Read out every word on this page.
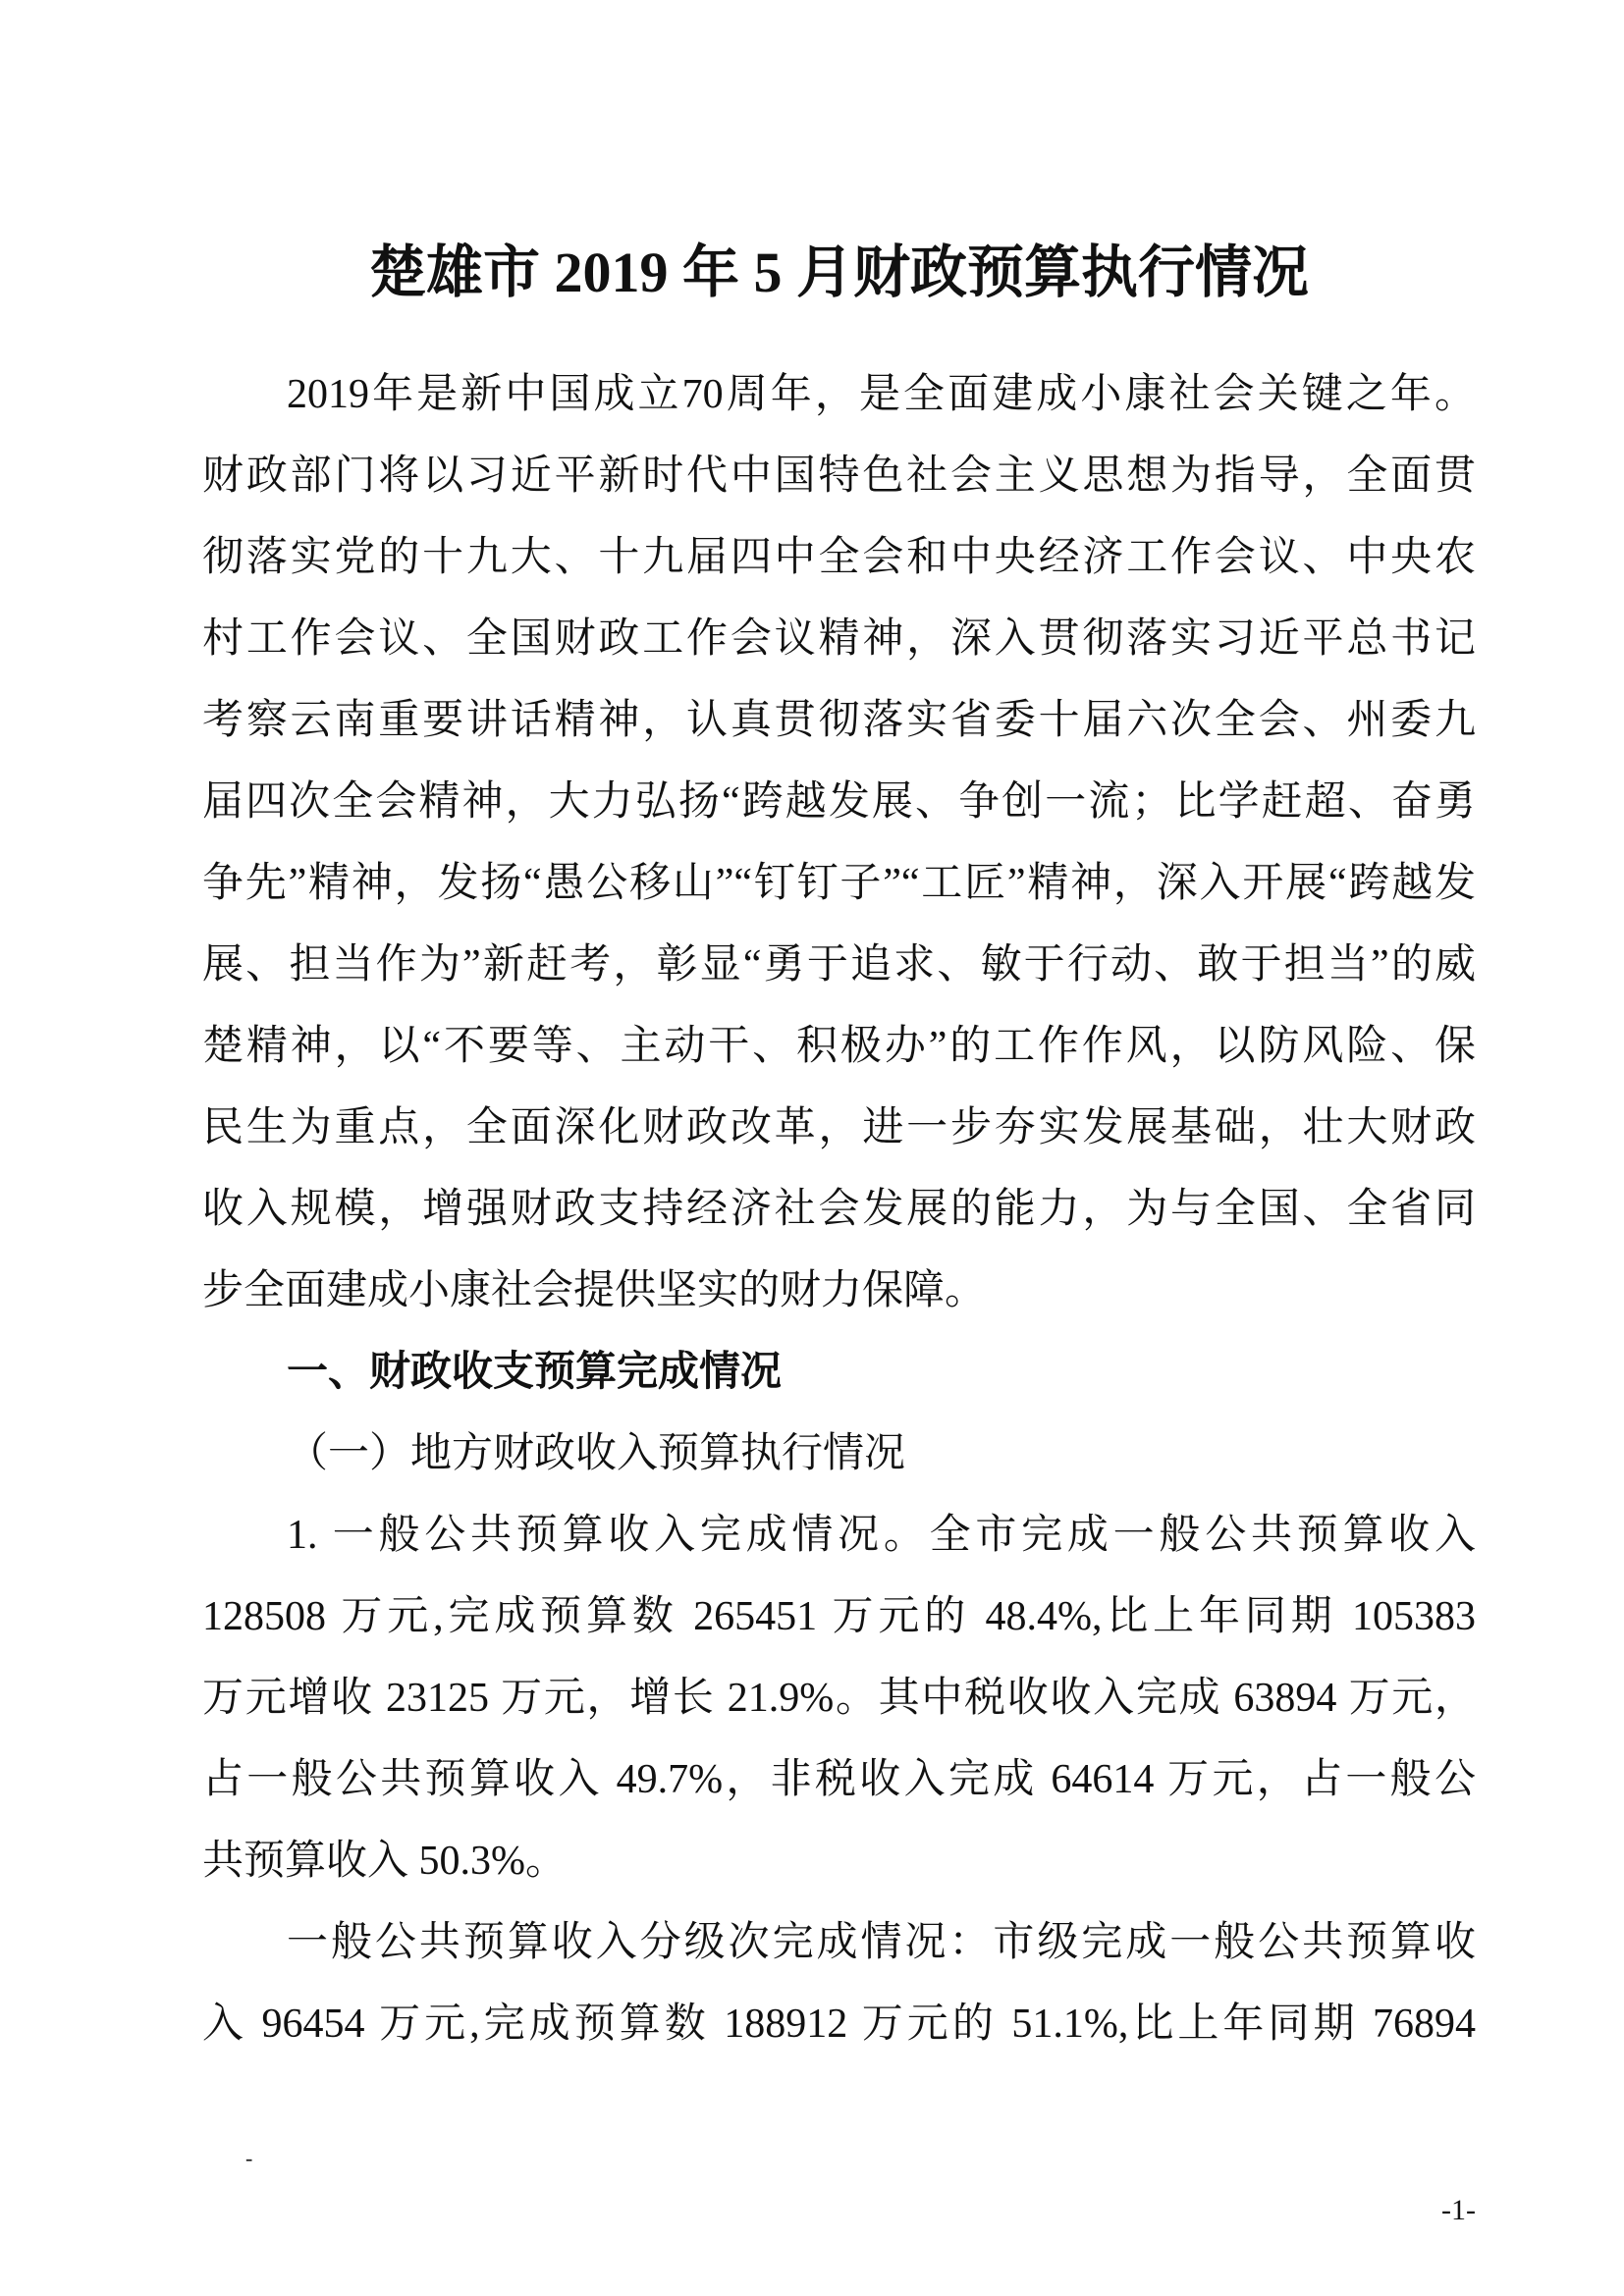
楚雄市 2019 年 5 月财政预算执行情况
2019年是新中国成立70周年，是全面建成小康社会关键之年。
财政部门将以习近平新时代中国特色社会主义思想为指导，全面贯
彻落实党的十九大、十九届四中全会和中央经济工作会议、中央农
村工作会议、全国财政工作会议精神，深入贯彻落实习近平总书记
考察云南重要讲话精神，认真贯彻落实省委十届六次全会、州委九
届四次全会精神，大力弘扬“跨越发展、争创一流；比学赶超、奋勇
争先”精神，发扬“愚公移山”“钉钉子”“工匠”精神，深入开展“跨越发
展、担当作为”新赶考，彰显“勇于追求、敏于行动、敢于担当”的威
楚精神，以“不要等、主动干、积极办”的工作作风，以防风险、保
民生为重点，全面深化财政改革，进一步夯实发展基础，壮大财政
收入规模，增强财政支持经济社会发展的能力，为与全国、全省同
步全面建成小康社会提供坚实的财力保障。
一、财政收支预算完成情况
（一）地方财政收入预算执行情况
1. 一般公共预算收入完成情况。全市完成一般公共预算收入
128508 万元,完成预算数 265451 万元的 48.4%,比上年同期 105383
万元增收 23125 万元，增长 21.9%。其中税收收入完成 63894 万元，
占一般公共预算收入 49.7%，非税收入完成 64614 万元，占一般公
共预算收入 50.3%。
一般公共预算收入分级次完成情况：市级完成一般公共预算收
入 96454 万元,完成预算数 188912 万元的 51.1%,比上年同期 76894
-
-1-
